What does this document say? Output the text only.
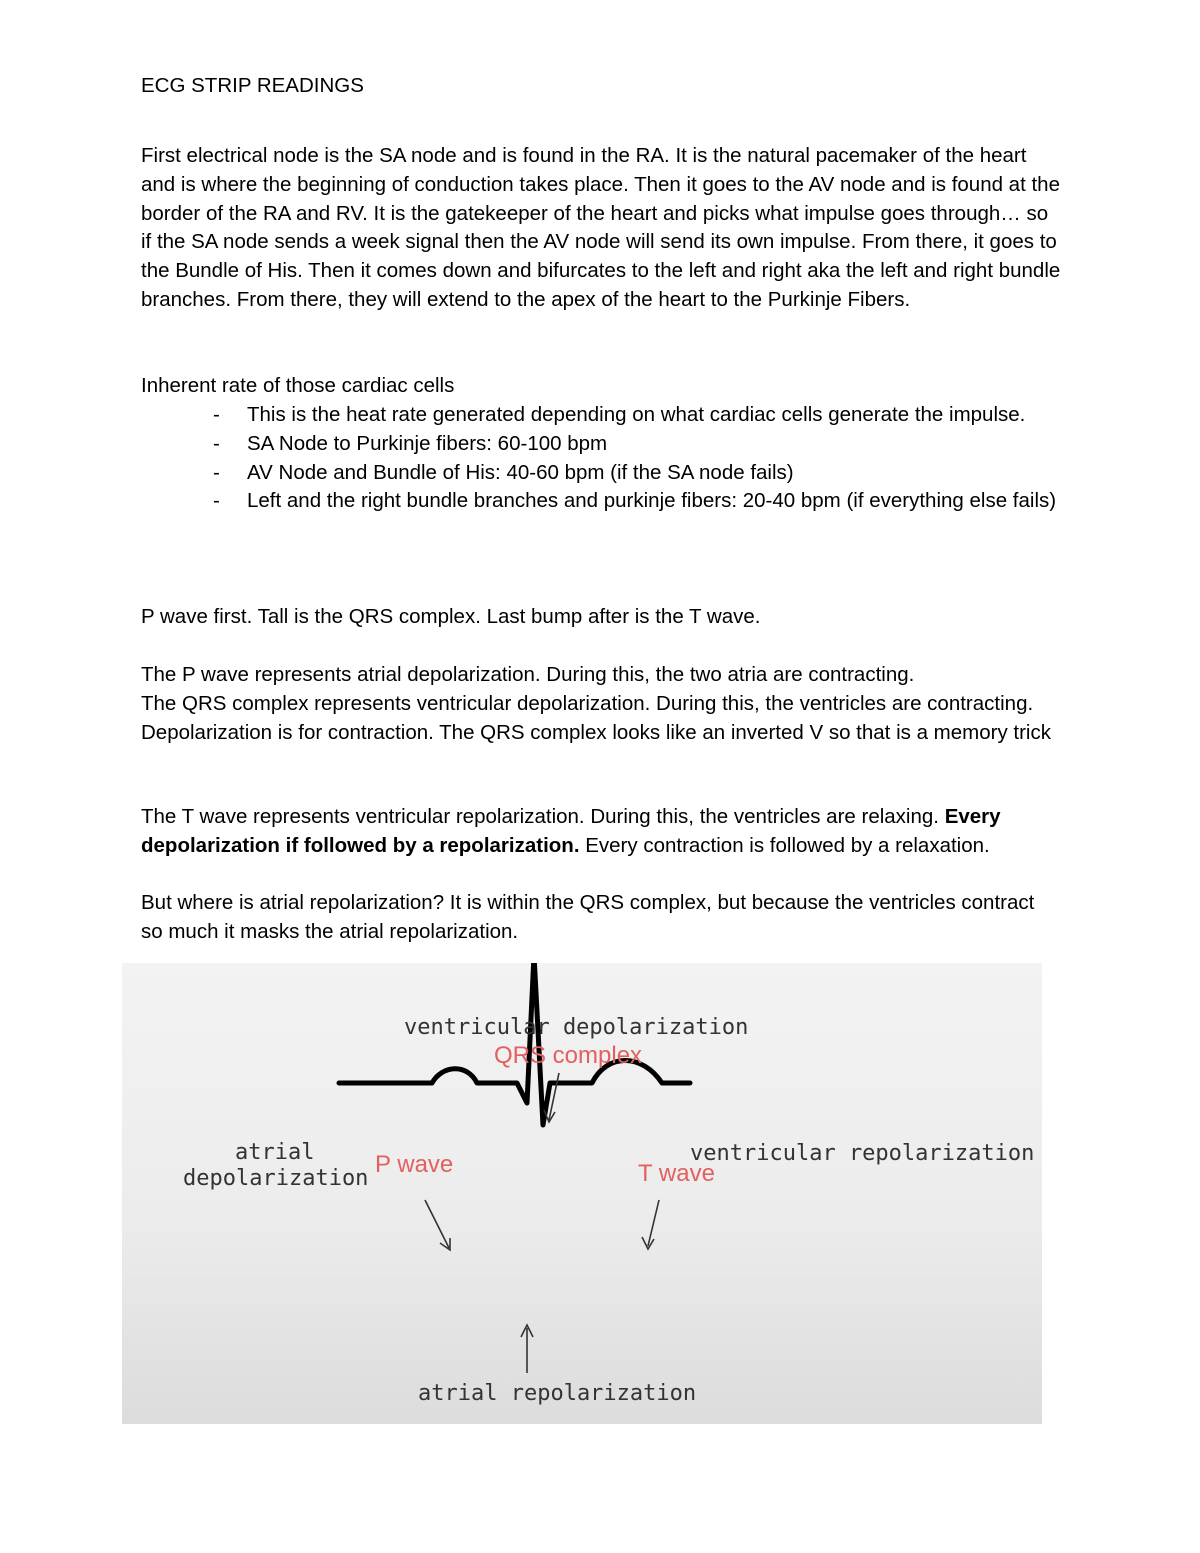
ECG STRIP READINGS

First electrical node is the SA node and is found in the RA. It is the natural pacemaker of the heart and is where the beginning of conduction takes place. Then it goes to the AV node and is found at the border of the RA and RV. It is the gatekeeper of the heart and picks what impulse goes through… so if the SA node sends a week signal then the AV node will send its own impulse. From there, it goes to the Bundle of His. Then it comes down and bifurcates to the left and right aka the left and right bundle branches. From there, they will extend to the apex of the heart to the Purkinje Fibers.

Inherent rate of those cardiac cells

- This is the heat rate generated depending on what cardiac cells generate the impulse.
- SA Node to Purkinje fibers: 60-100 bpm
- AV Node and Bundle of His: 40-60 bpm (if the SA node fails)
- Left and the right bundle branches and purkinje fibers: 20-40 bpm (if everything else fails)

P wave first. Tall is the QRS complex. Last bump after is the T wave.

The P wave represents atrial depolarization. During this, the two atria are contracting.

The QRS complex represents ventricular depolarization. During this, the ventricles are contracting. Depolarization is for contraction. The QRS complex looks like an inverted V so that is a memory trick

The T wave represents ventricular repolarization. During this, the ventricles are relaxing. Every depolarization if followed by a repolarization. Every contraction is followed by a relaxation.

But where is atrial repolarization? It is within the QRS complex, but because the ventricles contract so much it masks the atrial repolarization.

ventricular depolarization
QRS complex
atrial
depolarization
P wave	T wave
ventricular repolarization
atrial repolarization
